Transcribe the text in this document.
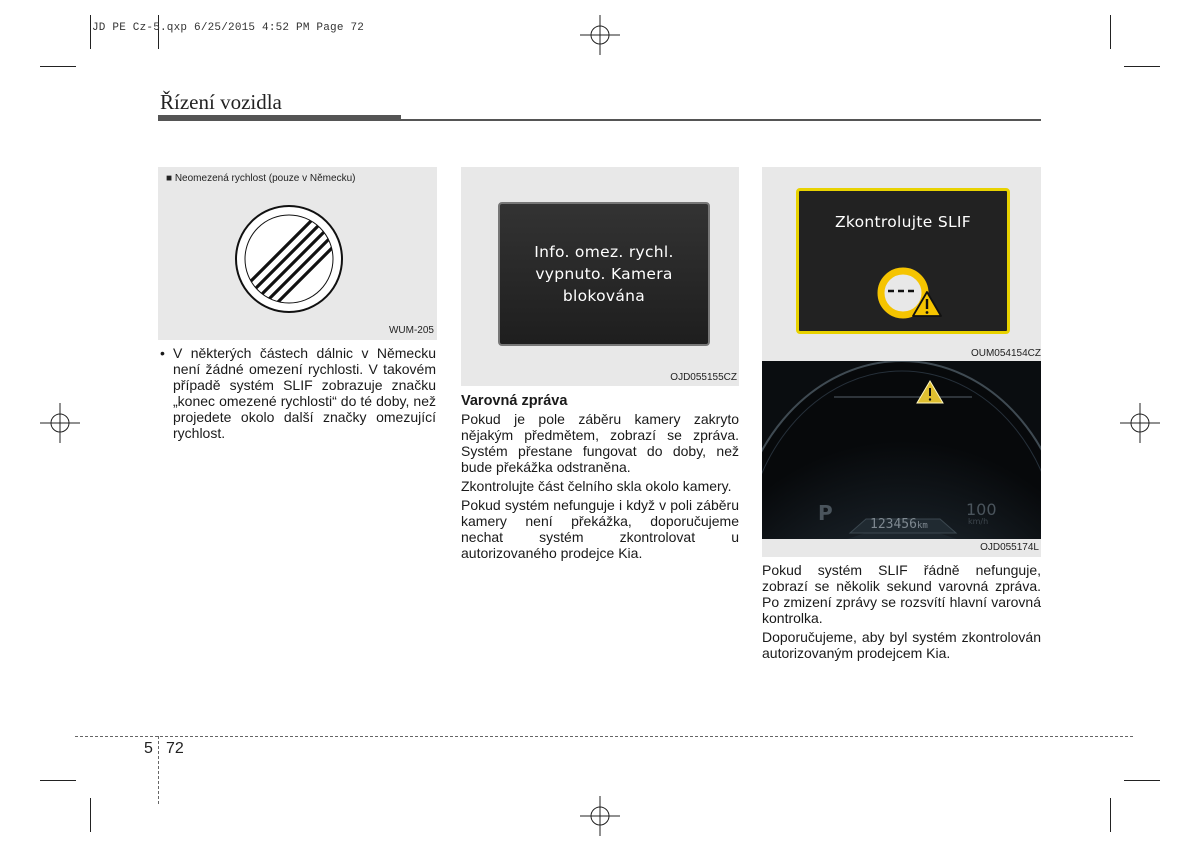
JD PE Cz-5.qxp 6/25/2015 4:52 PM Page 72
Řízení vozidla
■ Neomezená rychlost (pouze v Německu)
WUM-205
• V některých částech dálnic v Německu není žádné omezení rychlosti. V takovém případě systém SLIF zobrazuje značku „konec omezené rychlosti“ do té doby, než projedete okolo další značky omezující rychlost.
OJD055155CZ
Info. omez. rychl.
vypnuto. Kamera
blokována
Varovná zpráva

Pokud je pole záběru kamery zakryto nějakým předmětem, zobrazí se zpráva. Systém přestane fungovat do doby, než bude překážka odstraněna.

Zkontrolujte část čelního skla okolo kamery.

Pokud systém nefunguje i když v poli záběru kamery není překážka, doporučujeme nechat systém zkontrolovat u autorizovaného prodejce Kia.

OUM054154CZ
Zkontrolujte SLIF
P	123456km
100
km/h
OJD055174L

Pokud systém SLIF řádně nefunguje, zobrazí se několik sekund varovná zpráva. Po zmizení zprávy se rozsvítí hlavní varovná kontrolka.

Doporučujeme, aby byl systém zkontrolován autorizovaným prodejcem Kia.

5 72
